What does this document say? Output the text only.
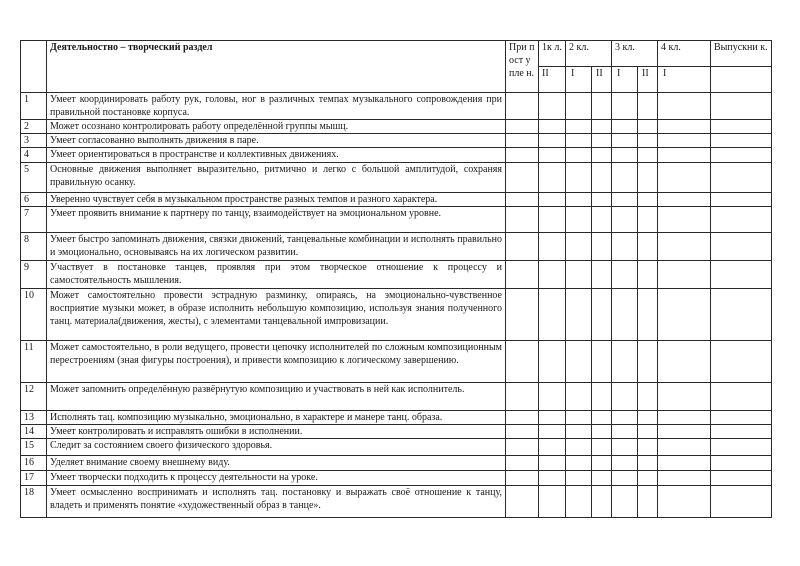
	Деятельностно – творческий раздел	При пост упле н.	1к л.	2 кл.		3 кл.		4 кл.	Выпускни к.
			II	I	II	I	II	I	
1	Умеет координировать работу рук, головы, ног в различных темпах музыкального сопровождения при правильной постановке корпуса.								
2	Может осознано контролировать работу определённой группы мышц.								
3	Умеет согласованно выполнять движения в паре.								
4	Умеет ориентироваться в пространстве и коллективных движениях.								
5	Основные движения выполняет выразительно, ритмично и легко с большой амплитудой, сохраняя правильную осанку.								
6	Уверенно чувствует себя в музыкальном пространстве разных темпов и разного характера.								
7	Умеет проявить внимание к партнеру по танцу, взаимодействует на эмоциональном уровне.								
8	Умеет быстро запоминать движения, связки движений, танцевальные комбинации и исполнять правильно и эмоционально, основываясь на их логическом развитии.								
9	Участвует в постановке танцев, проявляя при этом творческое отношение к процессу и самостоятельность мышления.								
10	Может самостоятельно провести эстрадную разминку, опираясь, на эмоционально-чувственное восприятие музыки может, в образе исполнить небольшую композицию, используя знания полученного танц. материала(движения, жесты), с элементами танцевальной импровизации.								
11	Может самостоятельно, в роли ведущего, провести цепочку исполнителей по сложным композиционным перестроениям (зная фигуры построения), и привести композицию к логическому завершению.								
12	Может запомнить определённую развёрнутую композицию и участвовать в ней как исполнитель.								
13	Исполнять тац. композицию музыкально, эмоционально, в характере и манере танц. образа.								
14	Умеет контролировать и исправлять ошибки в исполнении.								
15	Следит за состоянием своего физического здоровья.								
16	Уделяет внимание своему внешнему виду.								
17	Умеет творчески подходить к процессу деятельности на уроке.								
18	Умеет осмысленно воспринимать и исполнять тац. постановку и выражать своё отношение к танцу, владеть и применять понятие «художественный образ в танце».								
